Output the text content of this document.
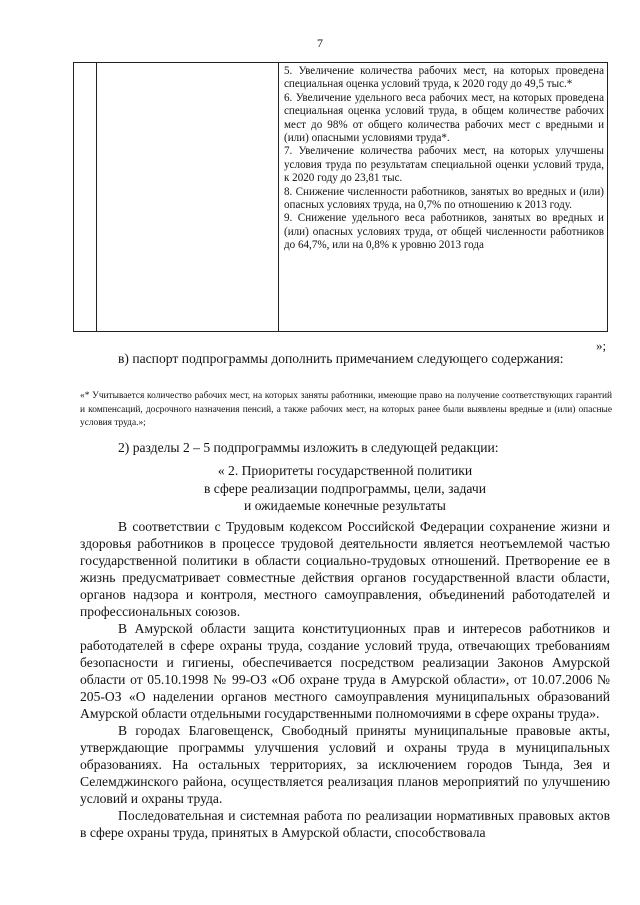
7

5. Увеличение количества рабочих мест, на которых проведена специальная оценка условий труда, к 2020 году до 49,5 тыс.*

6. Увеличение удельного веса рабочих мест, на которых проведена специальная оценка условий труда, в общем количестве рабочих мест до 98% от общего количества рабочих мест с вредными и (или) опасными условиями труда*.

7. Увеличение количества рабочих мест, на которых улучшены условия труда по результатам специальной оценки условий труда, к 2020 году до 23,81 тыс.

8. Снижение численности работников, занятых во вредных и (или) опасных условиях труда, на 0,7% по отношению к 2013 году.

9. Снижение удельного веса работников, занятых во вредных и (или) опасных условиях труда, от общей численности работников до 64,7%, или на 0,8% к уровню 2013 года

»;

в) паспорт подпрограммы дополнить примечанием следующего содержания:

«* Учитывается количество рабочих мест, на которых заняты работники, имеющие право на получение соответствующих гарантий и компенсаций, досрочного назначения пенсий, а также рабочих мест, на которых ранее были выявлены вредные и (или) опасные условия труда.»;
2) разделы 2 – 5 подпрограммы изложить в следующей редакции:

« 2. Приоритеты государственной политики

в сфере реализации подпрограммы, цели, задачи

и ожидаемые конечные результаты

В соответствии с Трудовым кодексом Российской Федерации сохранение жизни и здоровья работников в процессе трудовой деятельности является неотъемлемой частью государственной политики в области социально-трудовых отношений. Претворение ее в жизнь предусматривает совместные действия органов государственной власти области, органов надзора и контроля, местного самоуправления, объединений работодателей и профессиональных союзов.

В Амурской области защита конституционных прав и интересов работников и работодателей в сфере охраны труда, создание условий труда, отвечающих требованиям безопасности и гигиены, обеспечивается посредством реализации Законов Амурской области от 05.10.1998 № 99-ОЗ «Об охране труда в Амурской области», от 10.07.2006 № 205-ОЗ «О наделении органов местного самоуправления муниципальных образований Амурской области отдельными государственными полномочиями в сфере охраны труда».

В городах Благовещенск, Свободный приняты муниципальные правовые акты, утверждающие программы улучшения условий и охраны труда в муниципальных образованиях. На остальных территориях, за исключением городов Тында, Зея и Селемджинского района, осуществляется реализация планов мероприятий по улучшению условий и охраны труда.

Последовательная и системная работа по реализации нормативных правовых актов в сфере охраны труда, принятых в Амурской области, способствовала
